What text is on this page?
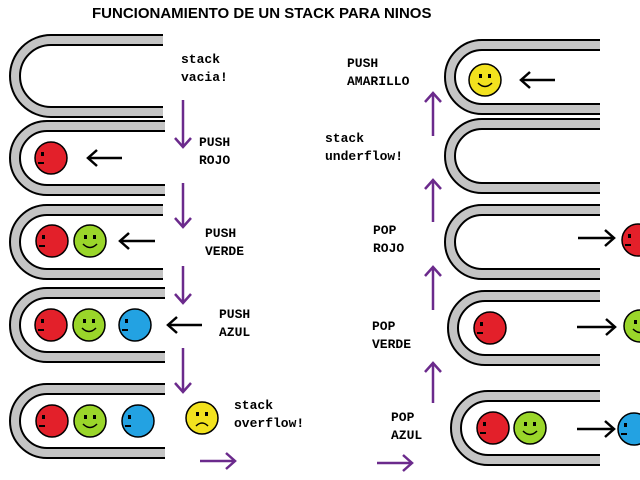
FUNCIONAMIENTO DE UN STACK PARA NINOS
stack vacia!
PUSH ROJO
PUSH VERDE
PUSH AZUL
stack overflow!	POP AZUL
POP VERDE
POP ROJO
stack underflow!
PUSH AMARILLO
